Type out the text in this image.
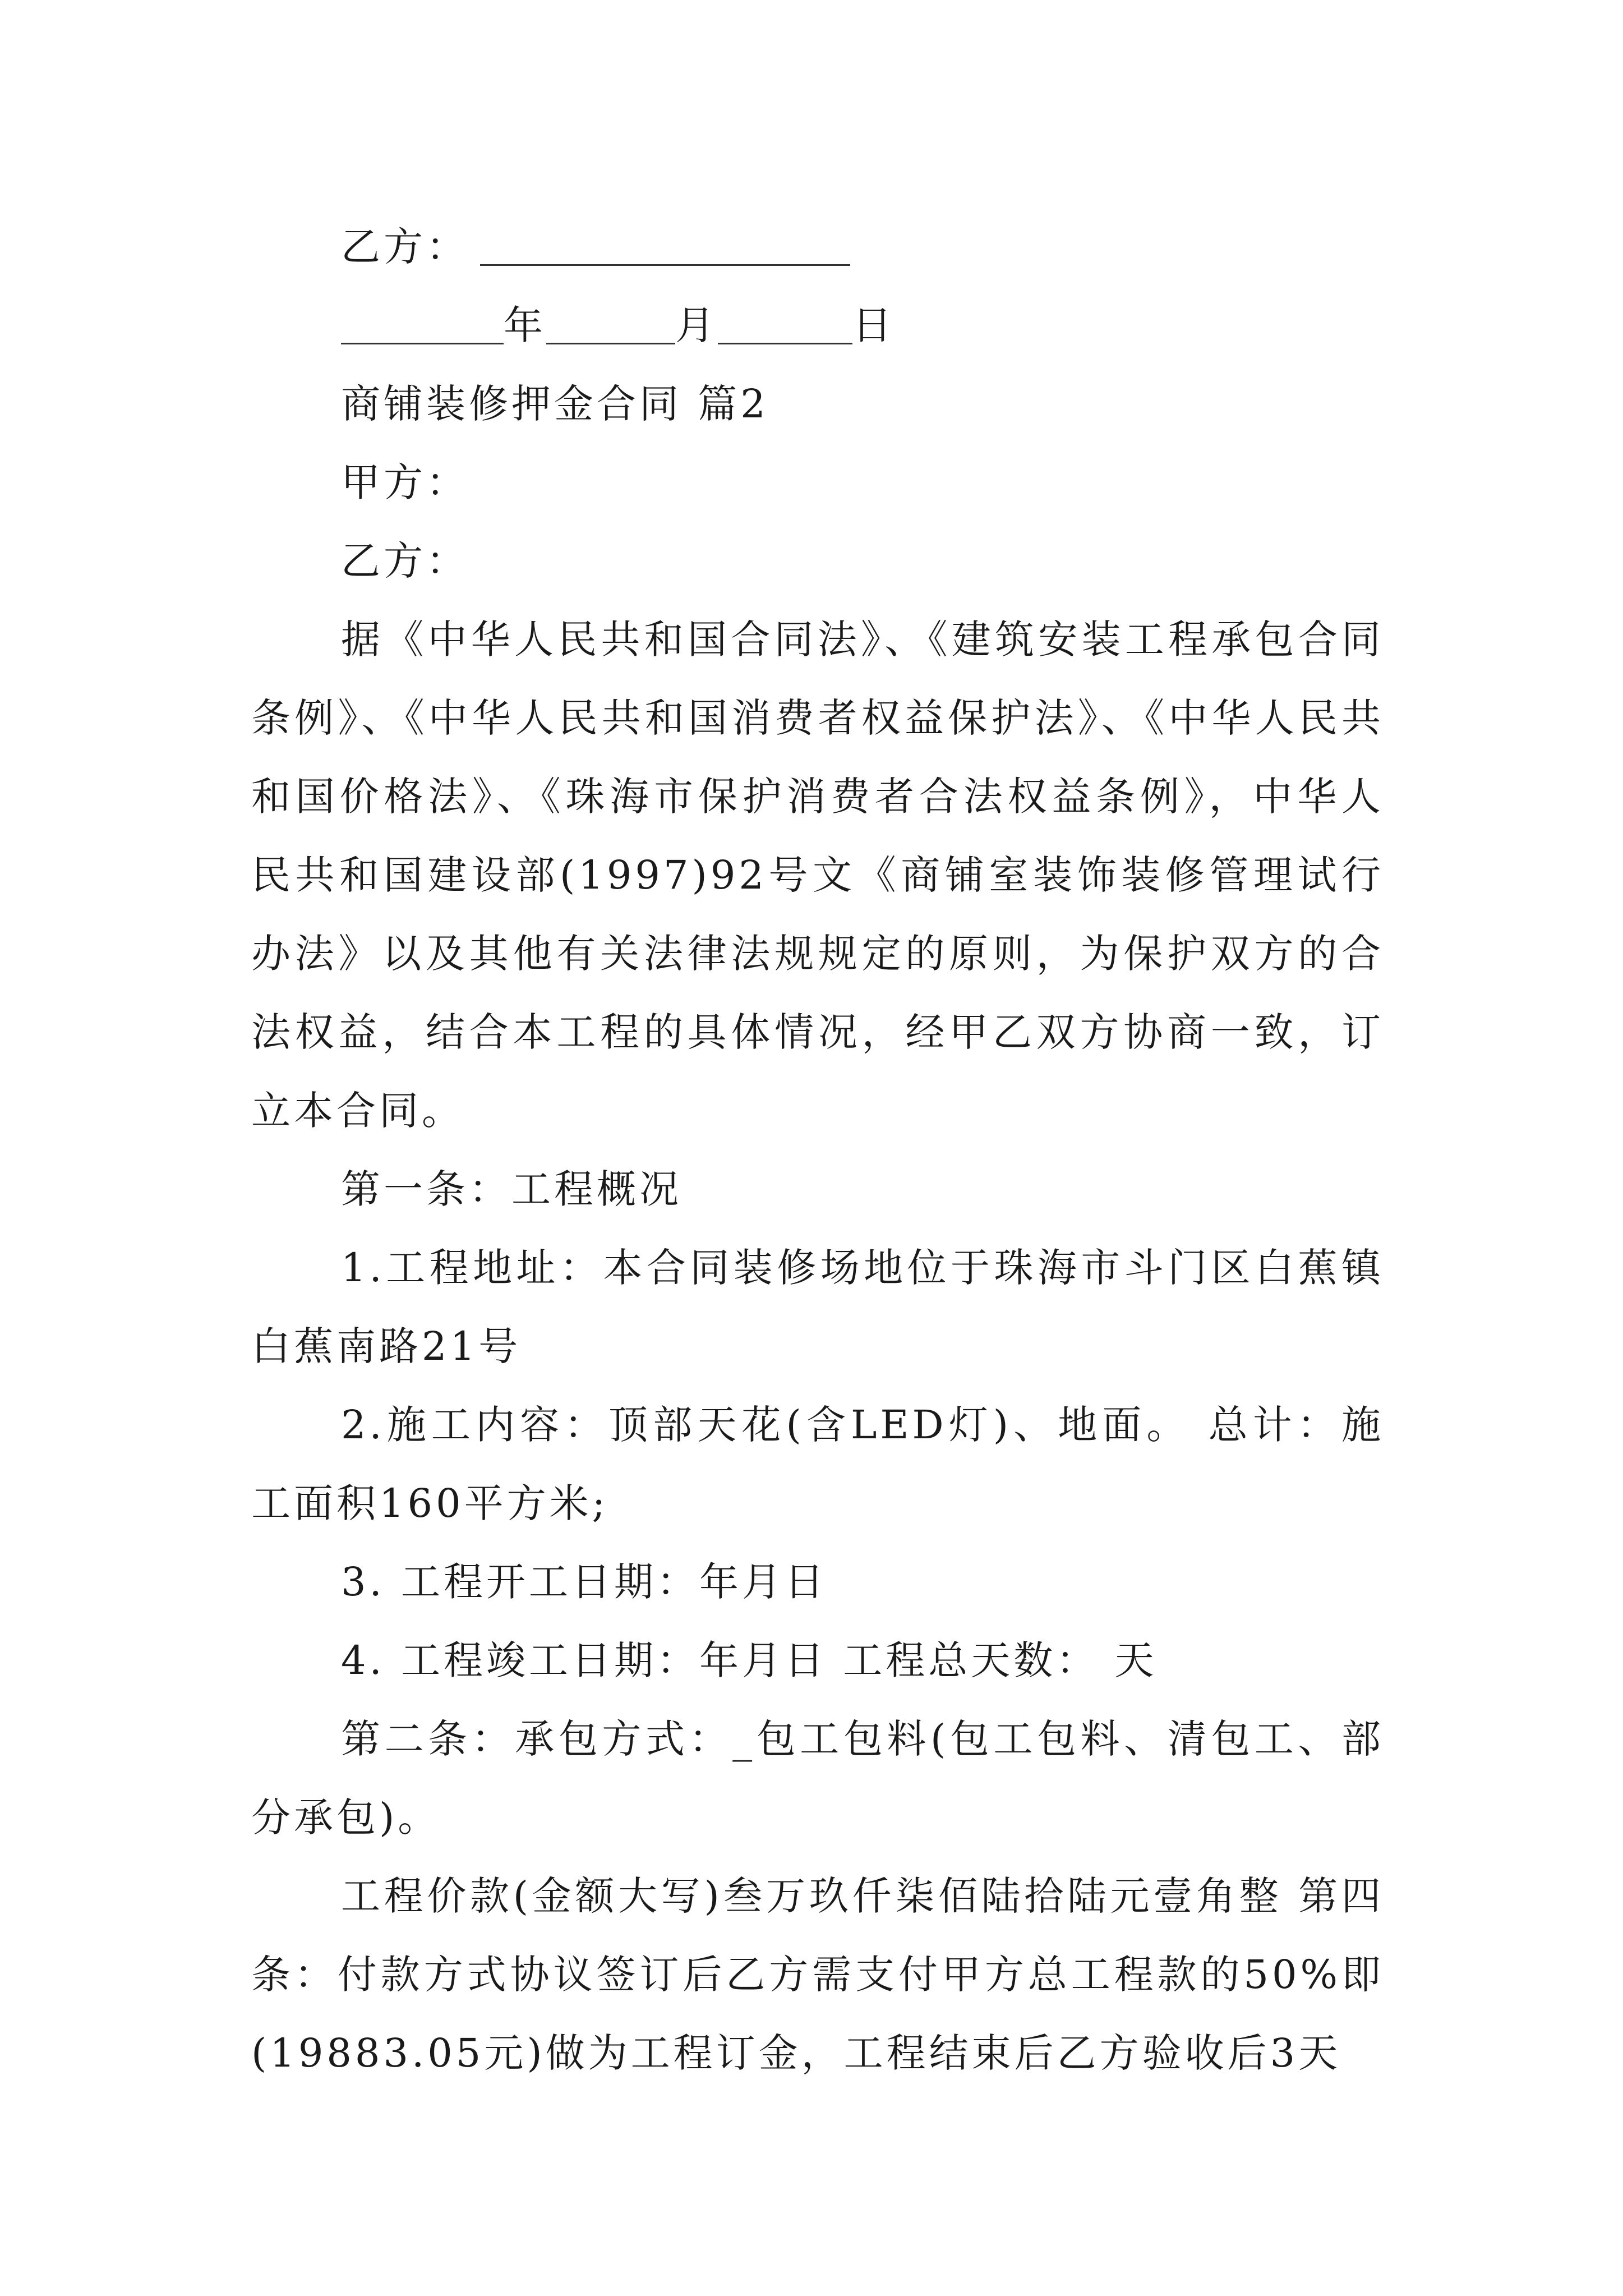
乙方：
年	月	日
商铺装修押金合同 篇2
甲方：
乙方：
据《中华人民共和国合同法》、《建筑安装工程承包合同条例》、《中华人民共和国消费者权益保护法》、《中华人民共和国价格法》、《珠海市保护消费者合法权益条例》，中华人民共和国建设部(1997)92号文《商铺室装饰装修管理试行办法》以及其他有关法律法规规定的原则，为保护双方的合法权益，结合本工程的具体情况，经甲乙双方协商一致，订立本合同。
第一条：工程概况
1.工程地址：本合同装修场地位于珠海市斗门区白蕉镇白蕉南路21号
2.施工内容：顶部天花(含LED灯)、地面。 总计：施工面积160平方米;
3. 工程开工日期：年月日
4. 工程竣工日期：年月日 工程总天数： 天
第二条：承包方式：_包工包料(包工包料、清包工、部分承包)。
工程价款(金额大写)叁万玖仟柒佰陆拾陆元壹角整 第四条：付款方式协议签订后乙方需支付甲方总工程款的50%即(19883.05元)做为工程订金，工程结束后乙方验收后3天
